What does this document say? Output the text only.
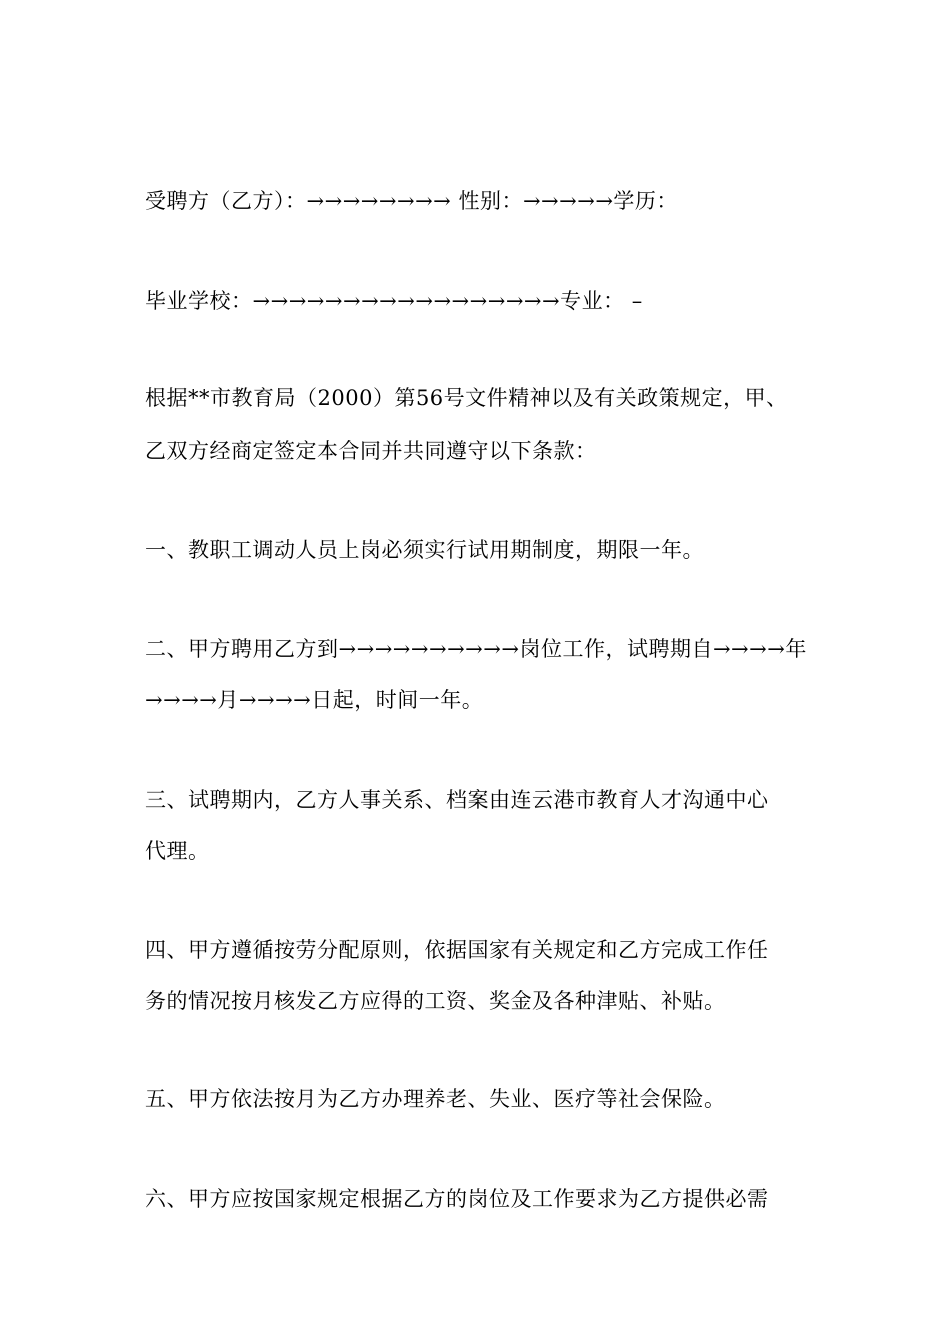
受聘方（乙方）：→→→→→→→→ 性别：→→→→→学历：
毕业学校：→→→→→→→→→→→→→→→→→专业： –
根据**市教育局（2000）第56号文件精神以及有关政策规定，甲、
乙双方经商定签定本合同并共同遵守以下条款：
一、教职工调动人员上岗必须实行试用期制度，期限一年。
二、甲方聘用乙方到→→→→→→→→→→岗位工作，试聘期自→→→→年
→→→→月→→→→日起，时间一年。
三、试聘期内，乙方人事关系、档案由连云港市教育人才沟通中心
代理。
四、甲方遵循按劳分配原则，依据国家有关规定和乙方完成工作任
务的情况按月核发乙方应得的工资、奖金及各种津贴、补贴。
五、甲方依法按月为乙方办理养老、失业、医疗等社会保险。
六、甲方应按国家规定根据乙方的岗位及工作要求为乙方提供必需
